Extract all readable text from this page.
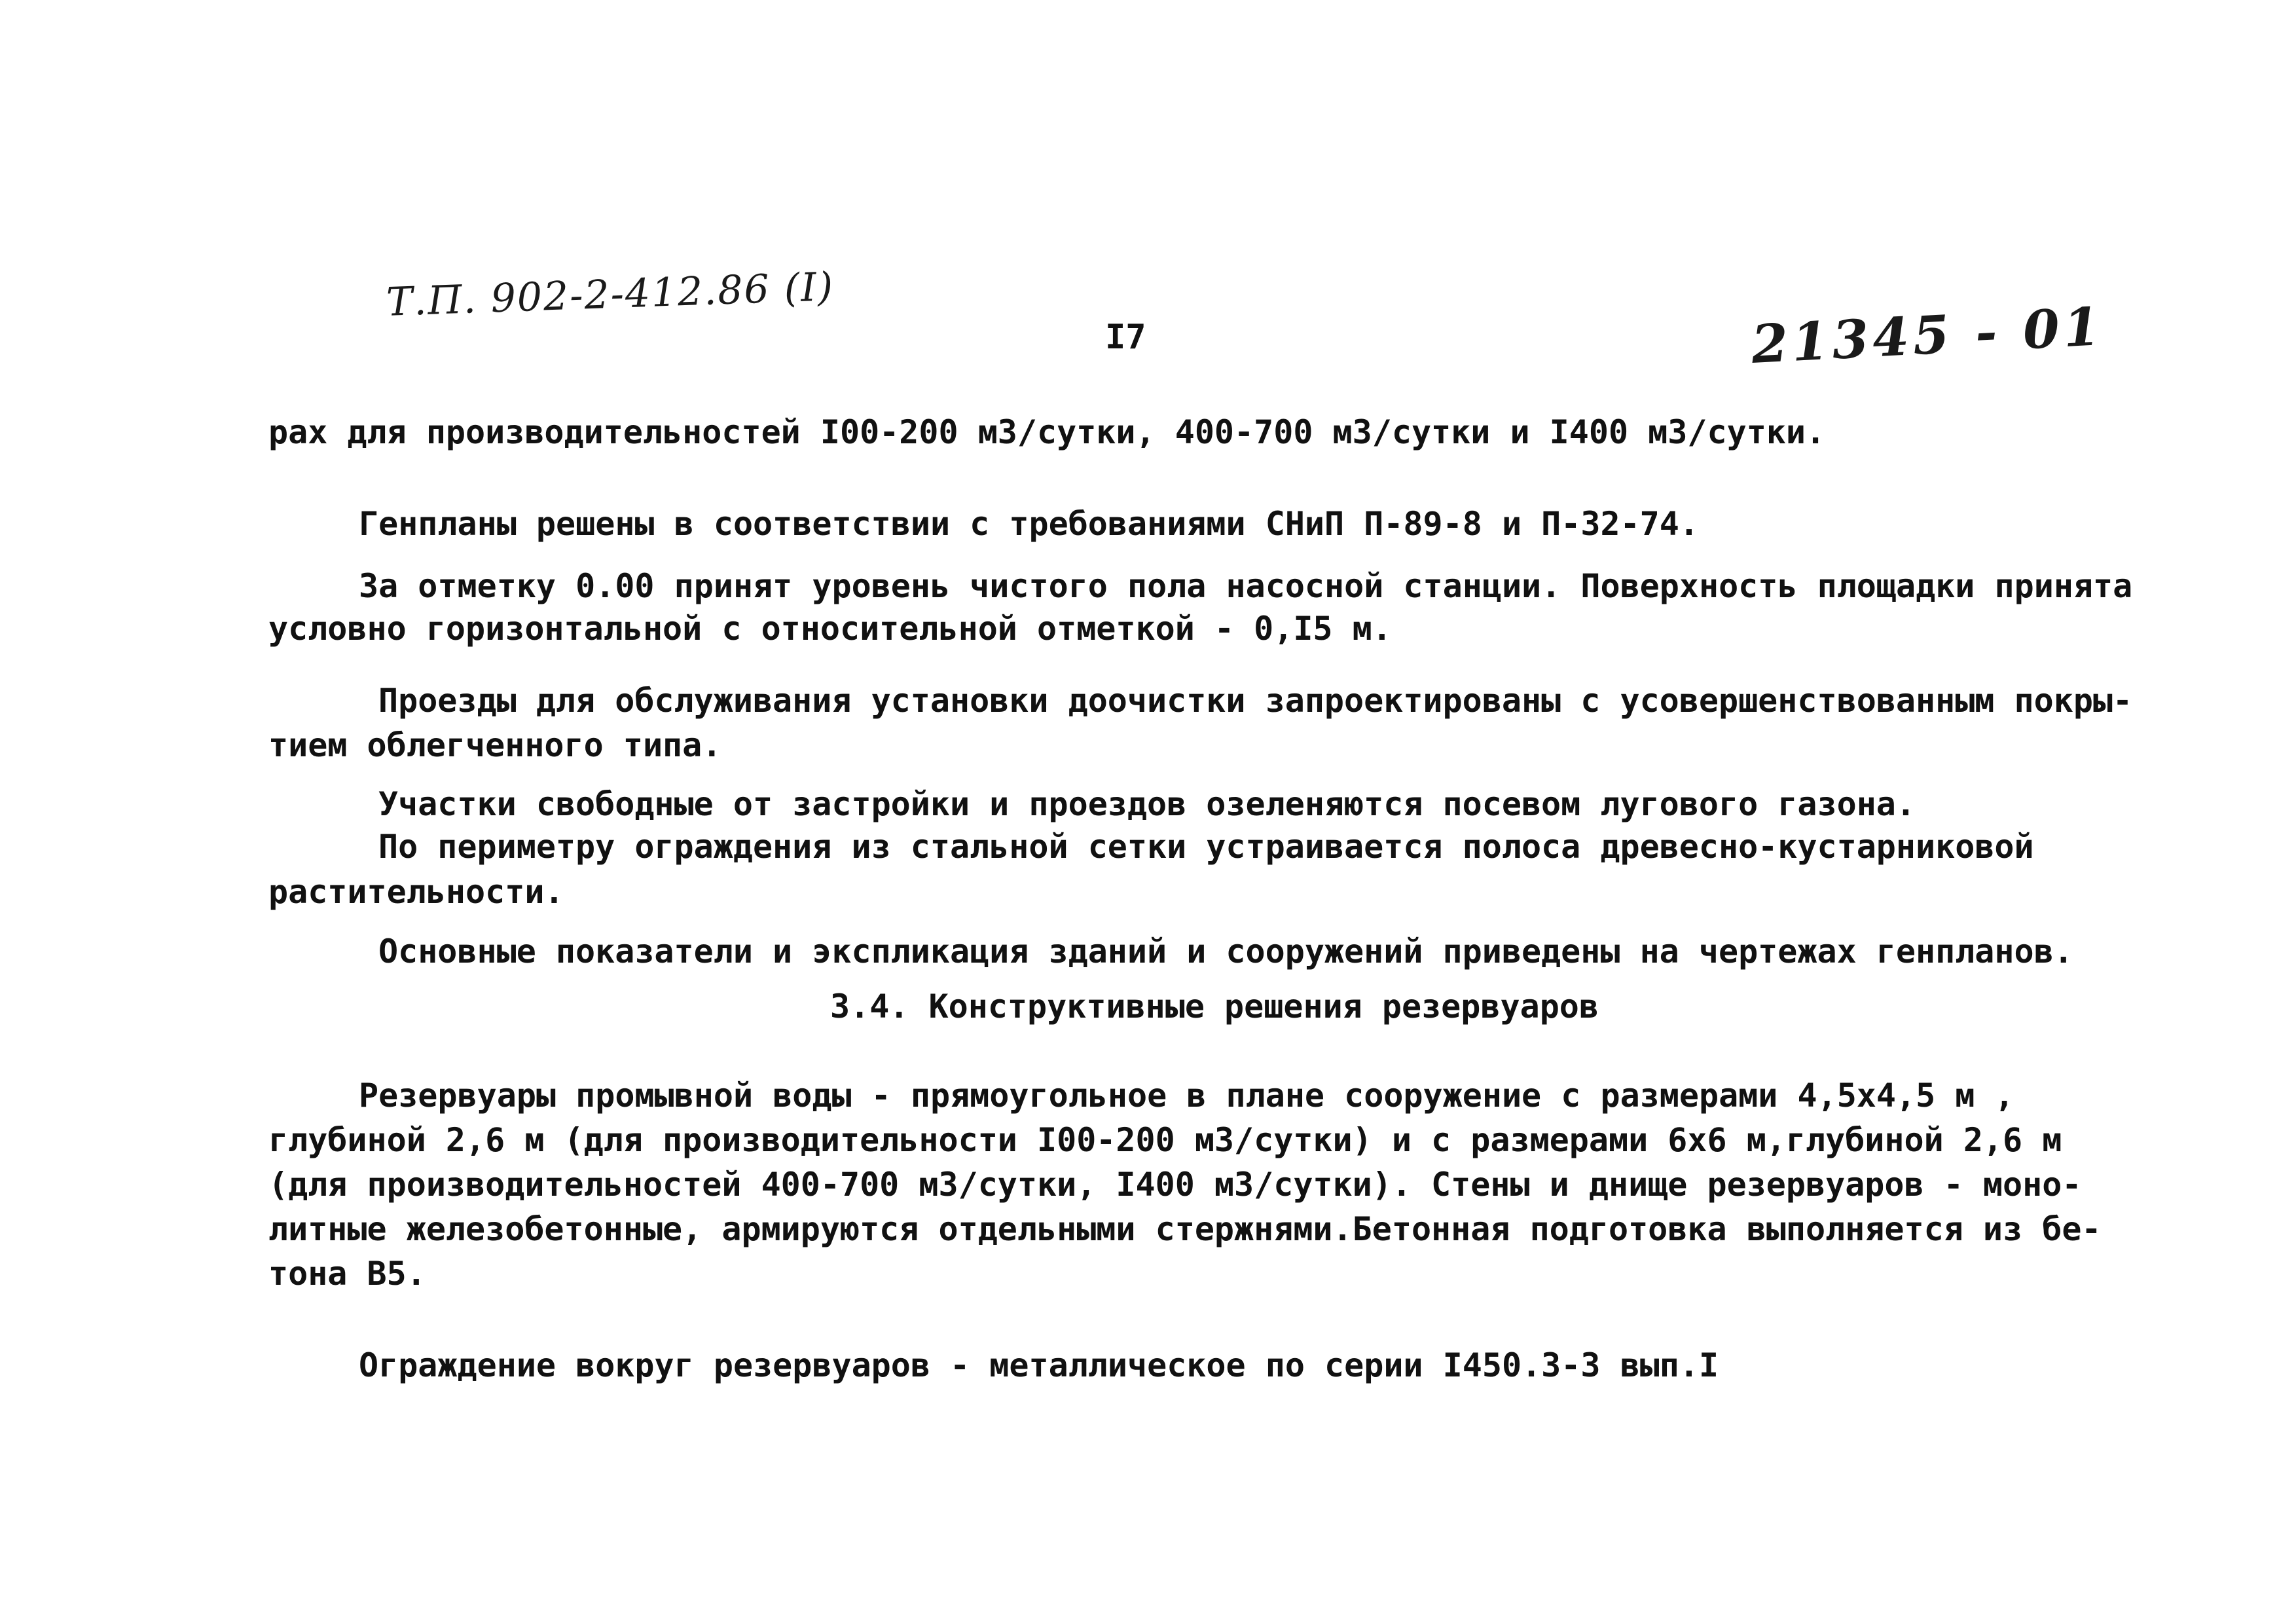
Т.П. 902-2-412.86 (I)
I7	21345 - 01
рах для производительностей I00-200 м3/сутки, 400-700 м3/сутки и I400 м3/сутки.
Генпланы решены в соответствии с требованиями СНиП П-89-8 и П-32-74.
За отметку 0.00 принят уровень чистого пола насосной станции. Поверхность площадки принята
условно горизонтальной с относительной отметкой - 0,I5 м.
Проезды для обслуживания установки доочистки запроектированы с усовершенствованным покры-
тием облегченного типа.
Участки свободные от застройки и проездов озеленяются посевом лугового газона.
По периметру ограждения из стальной сетки устраивается полоса древесно-кустарниковой
растительности.
Основные показатели и экспликация зданий и сооружений приведены на чертежах генпланов.
3.4. Конструктивные решения резервуаров
Резервуары промывной воды - прямоугольное в плане сооружение с размерами 4,5х4,5 м ,
глубиной 2,6 м (для производительности I00-200 м3/сутки) и с размерами 6х6 м,глубиной 2,6 м
(для производительностей 400-700 м3/сутки, I400 м3/сутки). Стены и днище резервуаров - моно-
литные железобетонные, армируются отдельными стержнями.Бетонная подготовка выполняется из бе-
тона В5.
Ограждение вокруг резервуаров - металлическое по серии I450.3-3 вып.I
